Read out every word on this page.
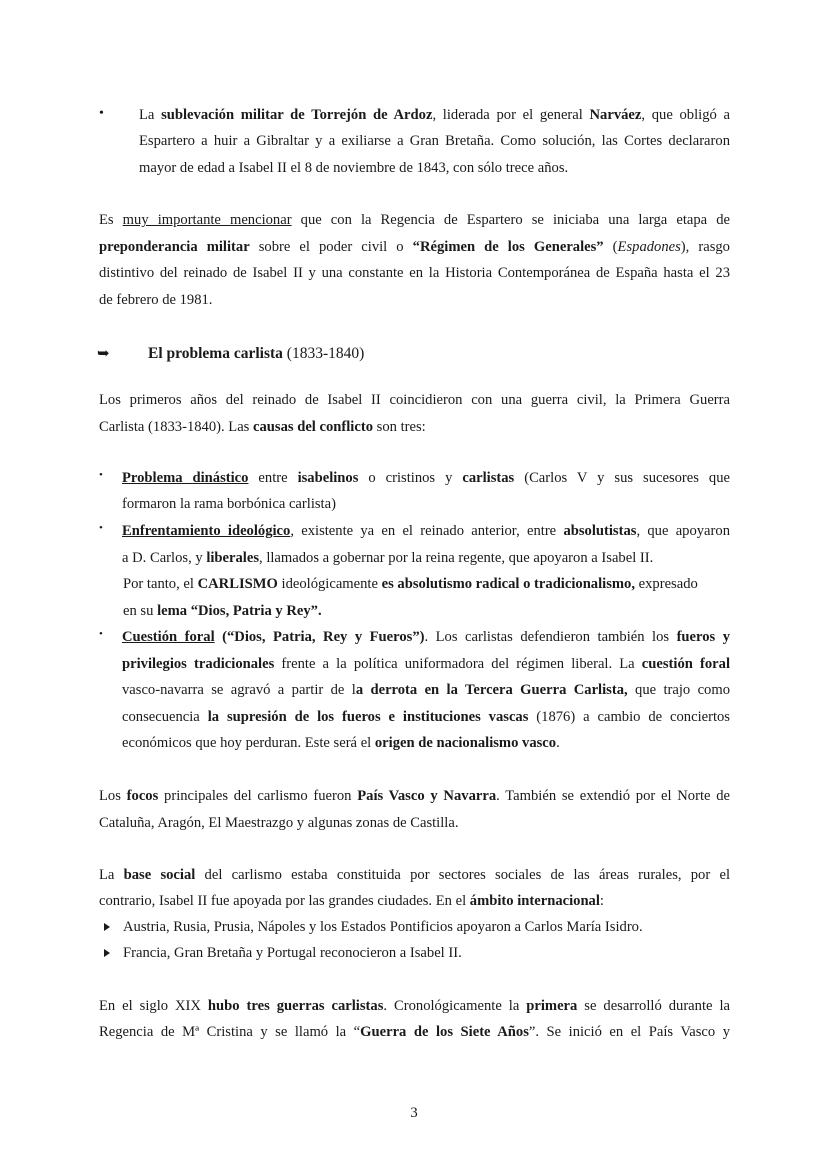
• La sublevación militar de Torrejón de Ardoz, liderada por el general Narváez, que obligó a
Espartero a huir a Gibraltar y a exiliarse a Gran Bretaña. Como solución, las Cortes declararon
mayor de edad a Isabel II el 8 de noviembre de 1843, con sólo trece años.
Es muy importante mencionar que con la Regencia de Espartero se iniciaba una larga etapa de
preponderancia militar sobre el poder civil o “Régimen de los Generales” (Espadones), rasgo
distintivo del reinado de Isabel II y una constante en la Historia Contemporánea de España hasta el 23
de febrero de 1981.
➥ El problema carlista (1833-1840)
Los primeros años del reinado de Isabel II coincidieron con una guerra civil, la Primera Guerra
Carlista (1833-1840). Las causas del conflicto son tres:
• Problema dinástico entre isabelinos o cristinos y carlistas (Carlos V y sus sucesores que
formaron la rama borbónica carlista)
• Enfrentamiento ideológico, existente ya en el reinado anterior, entre absolutistas, que apoyaron
a D. Carlos, y liberales, llamados a gobernar por la reina regente, que apoyaron a Isabel II.
Por tanto, el CARLISMO ideológicamente es absolutismo radical o tradicionalismo, expresado
en su lema “Dios, Patria y Rey”.
• Cuestión foral (“Dios, Patria, Rey y Fueros”). Los carlistas defendieron también los fueros y
privilegios tradicionales frente a la política uniformadora del régimen liberal. La cuestión foral
vasco-navarra se agravó a partir de la derrota en la Tercera Guerra Carlista, que trajo como
consecuencia la supresión de los fueros e instituciones vascas (1876) a cambio de conciertos
económicos que hoy perduran. Este será el origen de nacionalismo vasco.
Los focos principales del carlismo fueron País Vasco y Navarra. También se extendió por el Norte de
Cataluña, Aragón, El Maestrazgo y algunas zonas de Castilla.
La base social del carlismo estaba constituida por sectores sociales de las áreas rurales, por el
contrario, Isabel II fue apoyada por las grandes ciudades. En el ámbito internacional:
Austria, Rusia, Prusia, Nápoles y los Estados Pontificios apoyaron a Carlos María Isidro.
Francia, Gran Bretaña y Portugal reconocieron a Isabel II.
En el siglo XIX hubo tres guerras carlistas. Cronológicamente la primera se desarrolló durante la
Regencia de Mª Cristina y se llamó la “Guerra de los Siete Años”. Se inició en el País Vasco y
3
